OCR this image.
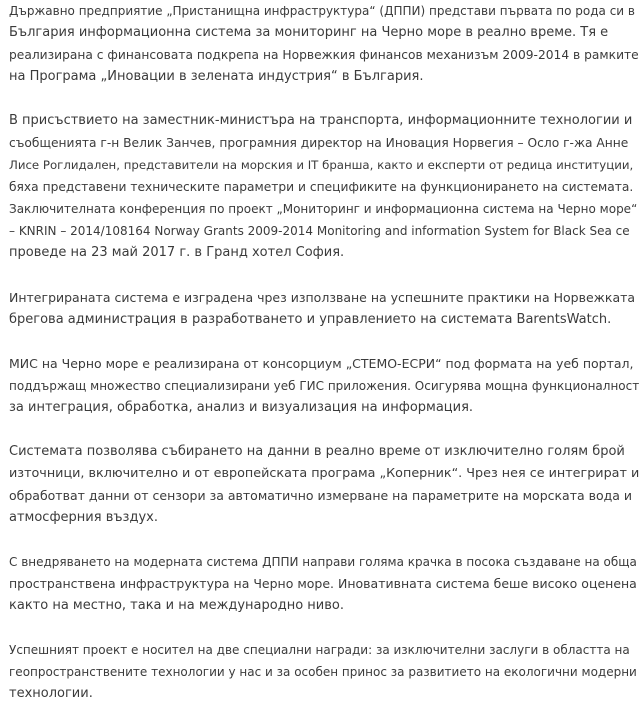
Държавно предприятие „Пристанищна инфраструктура“ (ДППИ) представи първата по рода си в
България информационна система за мониторинг на Черно море в реално време. Тя е
реализирана с финансовата подкрепа на Норвежкия финансов механизъм 2009-2014 в рамките
на Програма „Иновации в зелената индустрия“ в България.

В присъствието на заместник-министъра на транспорта, информационните технологии и
съобщенията г-н Велик Занчев, програмния директор на Иновация Норвегия – Осло г-жа Анне
Лисе Роглидален, представители на морския и IT бранша, както и експерти от редица институции,
бяха представени техническите параметри и спецификите на функционирането на системата.
Заключителната конференция по проект „Мониторинг и информационна система на Черно море“
– KNRIN – 2014/108164 Norway Grants 2009-2014 Monitoring and information System for Black Sea се
проведе на 23 май 2017 г. в Гранд хотел София.

Интегрираната система е изградена чрез използване на успешните практики на Норвежката
брегова администрация в разработването и управлението на системата BarentsWatch.

МИС на Черно море е реализирана от консорциум „СТЕМО-ЕСРИ“ под формата на уеб портал,
поддържащ множество специализирани уеб ГИС приложения. Осигурява мощна функционалност
за интеграция, обработка, анализ и визуализация на информация.

Системата позволява събирането на данни в реално време от изключително голям брой
източници, включително и от европейската програма „Коперник“. Чрез нея се интегрират и
обработват данни от сензори за автоматично измерване на параметрите на морската вода и
атмосферния въздух.

С внедряването на модерната система ДППИ направи голяма крачка в посока създаване на обща
пространствена инфраструктура на Черно море. Иновативната система беше високо оценена
както на местно, така и на международно ниво.

Успешният проект е носител на две специални награди: за изключителни заслуги в областта на
геопространствените технологии у нас и за особен принос за развитието на екологични модерни
технологии.
